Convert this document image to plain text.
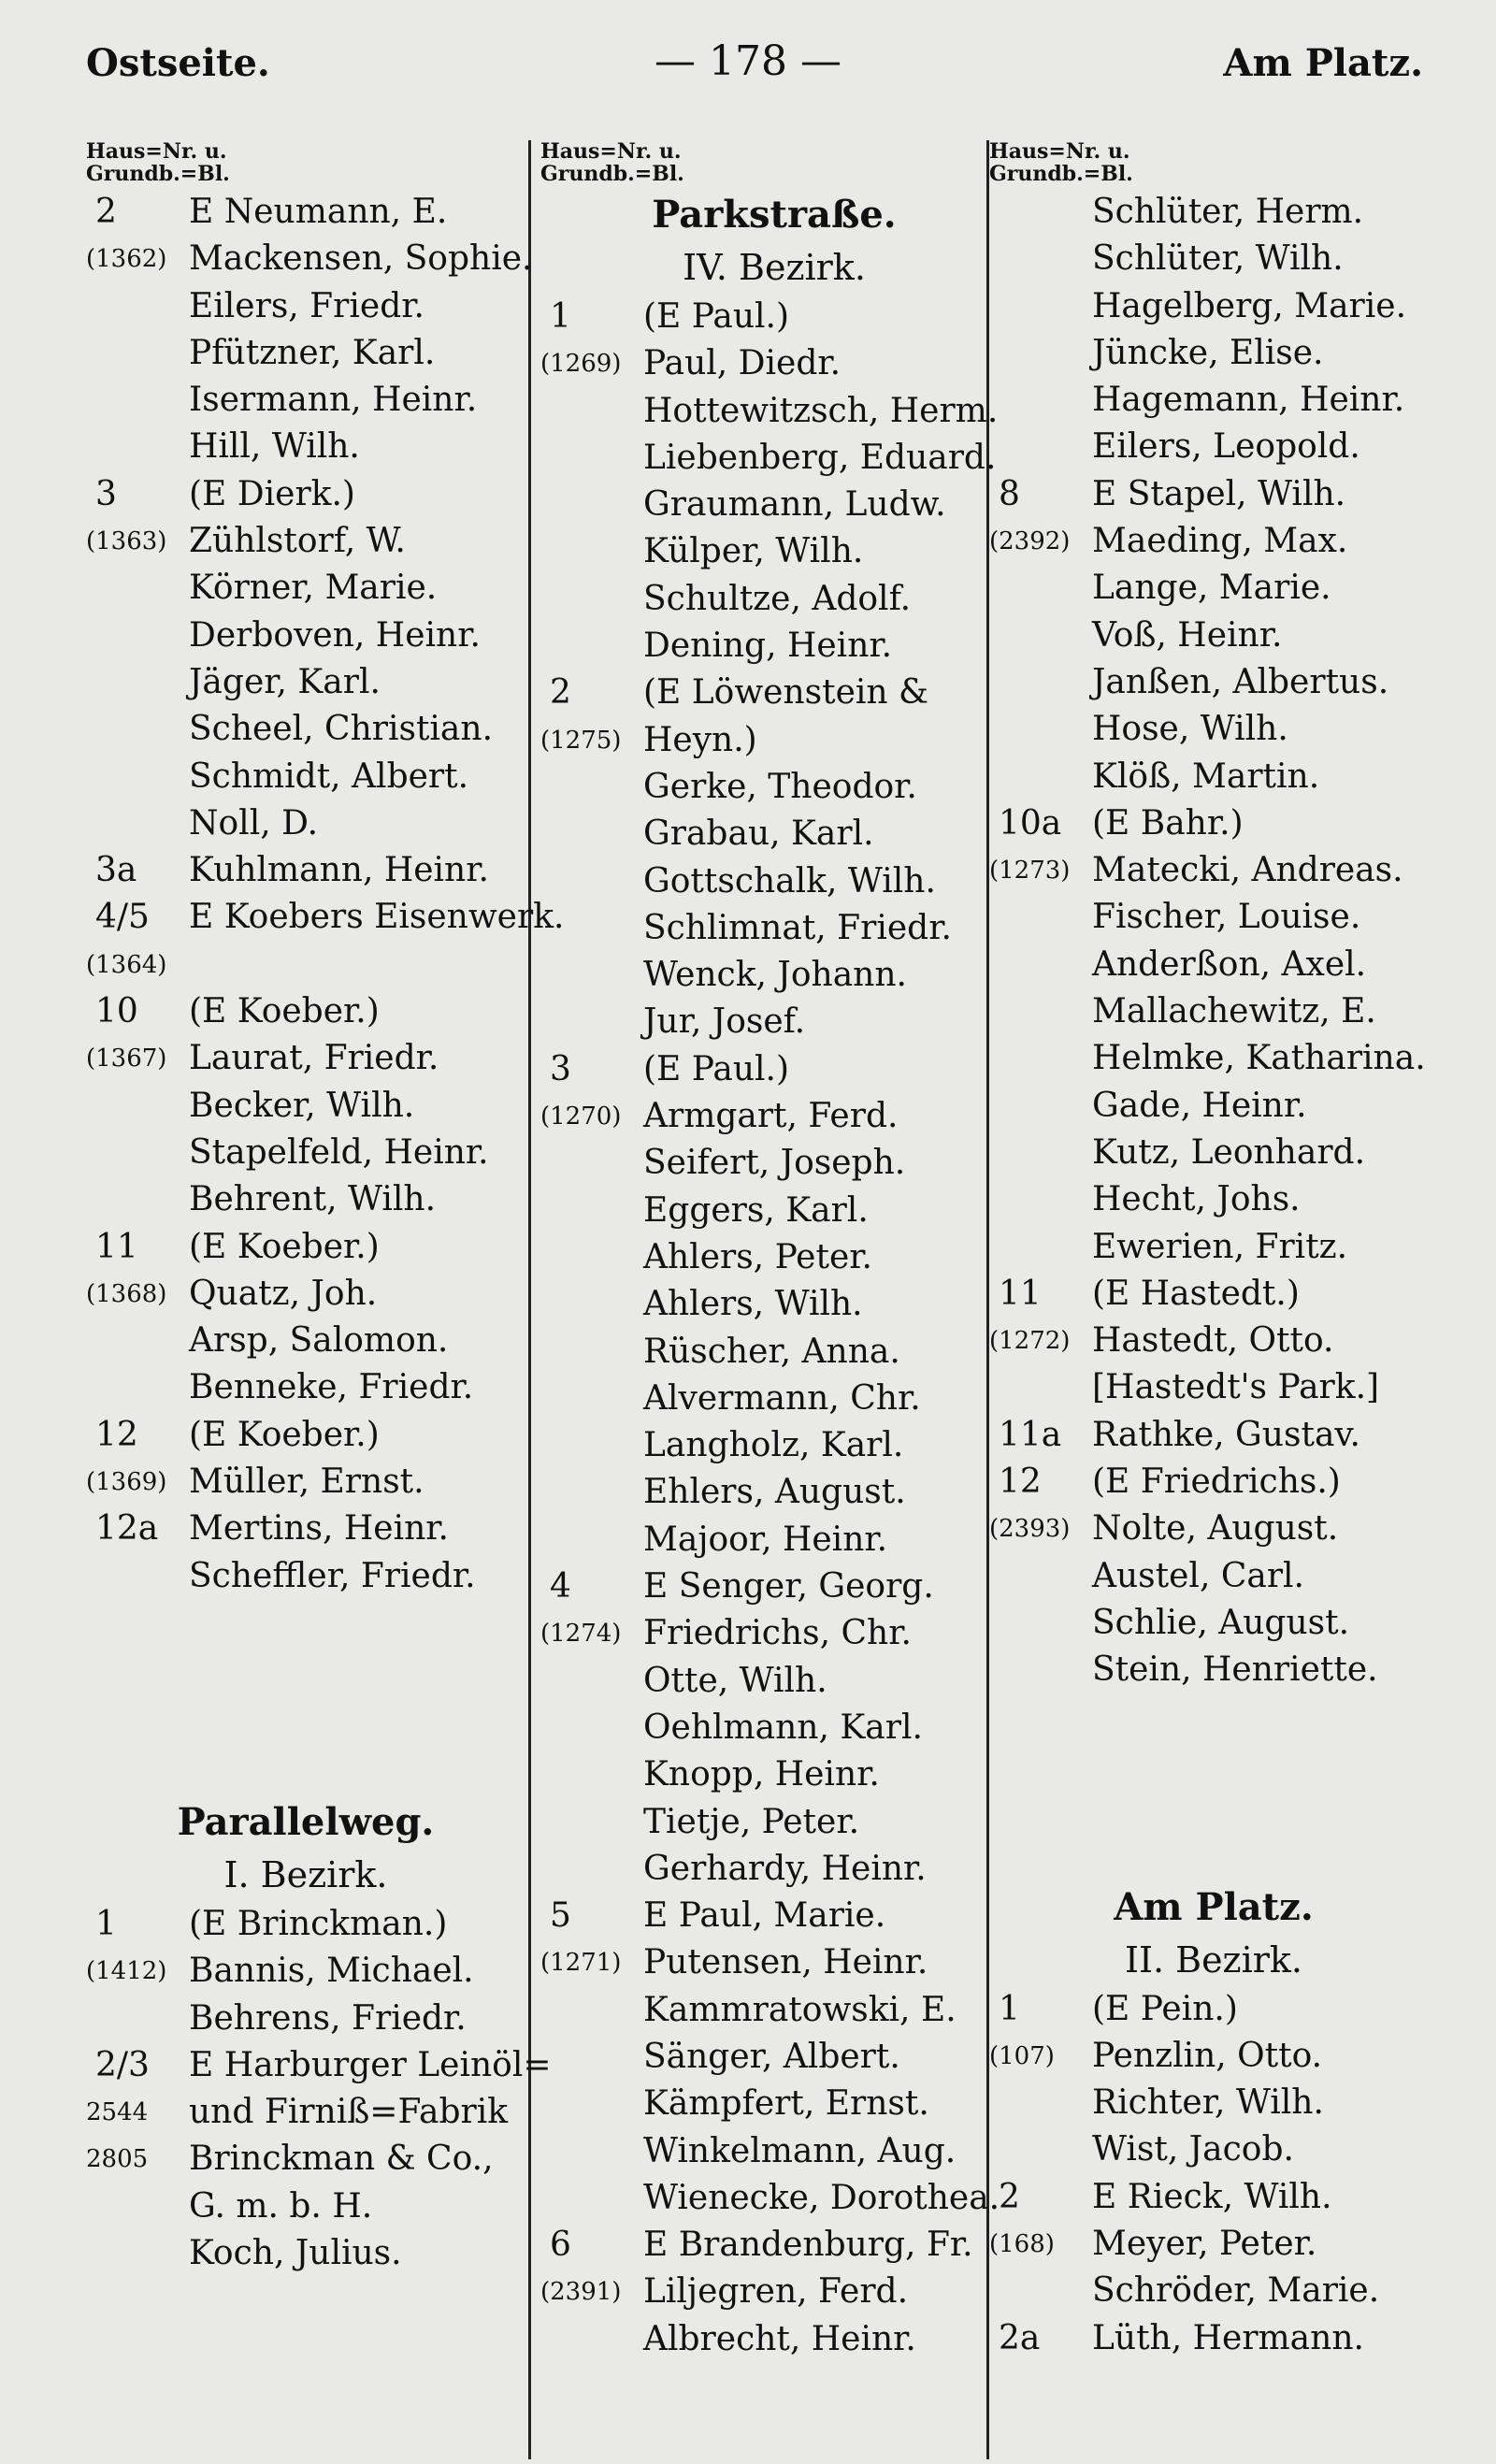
Ostseite.	— 178 —	Am Platz.
Haus=Nr. u.
Grundb.=Bl.
2	E Neumann, E.
(1362) Mackensen, Sophie.
Eilers, Friedr.
Pfützner, Karl.
Isermann, Heinr.
Hill, Wilh.
3	(E Dierk.)
(1363) Zühlstorf, W.
Körner, Marie.
Derboven, Heinr.
Jäger, Karl.
Scheel, Christian.
Schmidt, Albert.
Noll, D.
3a	Kuhlmann, Heinr.
4/5	E Koebers Eisenwerk.
(1364)
10	(E Koeber.)
(1367) Laurat, Friedr.
Becker, Wilh.
Stapelfeld, Heinr.
Behrent, Wilh.
11	(E Koeber.)
(1368) Quatz, Joh.
Arsp, Salomon.
Benneke, Friedr.
12	(E Koeber.)
(1369) Müller, Ernst.
12a Mertins, Heinr.
Scheffler, Friedr.
Parallelweg.
I. Bezirk.
1	(E Brinckman.)
(1412) Bannis, Michael.
Behrens, Friedr.
2/3	E Harburger Leinöl=
2544 und Firniß=Fabrik
2805 Brinckman & Co.,
G. m. b. H.
Koch, Julius.
Haus=Nr. u.
Grundb.=Bl.
Parkstraße.
IV. Bezirk.
1	(E Paul.)
(1269) Paul, Diedr.
Hottewitzsch, Herm.
Liebenberg, Eduard.
Graumann, Ludw.
Külper, Wilh.
Schultze, Adolf.
Dening, Heinr.
2	(E Löwenstein &
(1275) Heyn.)
Gerke, Theodor.
Grabau, Karl.
Gottschalk, Wilh.
Schlimnat, Friedr.
Wenck, Johann.
Jur, Josef.
3	(E Paul.)
(1270) Armgart, Ferd.
Seifert, Joseph.
Eggers, Karl.
Ahlers, Peter.
Ahlers, Wilh.
Rüscher, Anna.
Alvermann, Chr.
Langholz, Karl.
Ehlers, August.
Majoor, Heinr.
4	E Senger, Georg.
(1274) Friedrichs, Chr.
Otte, Wilh.
Oehlmann, Karl.
Knopp, Heinr.
Tietje, Peter.
Gerhardy, Heinr.
5	E Paul, Marie.
(1271) Putensen, Heinr.
Kammratowski, E.
Sänger, Albert.
Kämpfert, Ernst.
Winkelmann, Aug.
Wienecke, Dorothea.
6	E Brandenburg, Fr.
(2391) Liljegren, Ferd.
Albrecht, Heinr.
Haus=Nr. u.
Grundb.=Bl.
Schlüter, Herm.
Schlüter, Wilh.
Hagelberg, Marie.
Jüncke, Elise.
Hagemann, Heinr.
Eilers, Leopold.
8	E Stapel, Wilh.
(2392) Maeding, Max.
Lange, Marie.
Voß, Heinr.
Janßen, Albertus.
Hose, Wilh.
Klöß, Martin.
10a (E Bahr.)
(1273) Matecki, Andreas.
Fischer, Louise.
Anderßon, Axel.
Mallachewitz, E.
Helmke, Katharina.
Gade, Heinr.
Kutz, Leonhard.
Hecht, Johs.
Ewerien, Fritz.
11	(E Hastedt.)
(1272) Hastedt, Otto.
[Hastedt's Park.]
11a Rathke, Gustav.
12	(E Friedrichs.)
(2393) Nolte, August.
Austel, Carl.
Schlie, August.
Stein, Henriette.
Am Platz.
II. Bezirk.
1	(E Pein.)
(107) Penzlin, Otto.
Richter, Wilh.
Wist, Jacob.
2	E Rieck, Wilh.
(168) Meyer, Peter.
Schröder, Marie.
2a	Lüth, Hermann.
